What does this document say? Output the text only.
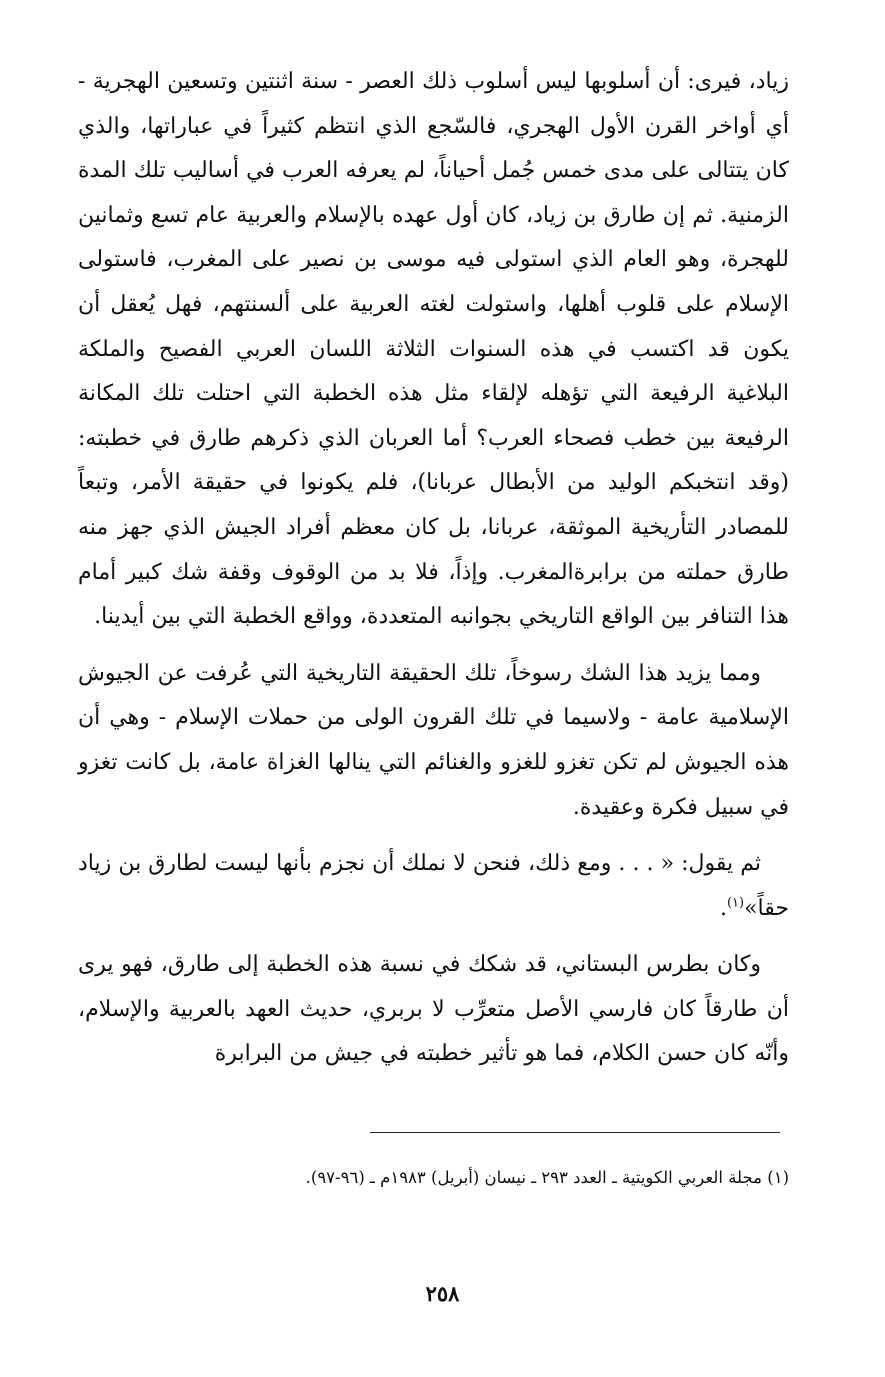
زياد، فيرى: أن أسلوبها ليس أسلوب ذلك العصر - سنة اثنتين وتسعين الهجرية - أي أواخر القرن الأول الهجري، فالسّجع الذي انتظم كثيراً في عباراتها، والذي كان يتتالى على مدى خمس جُمل أحياناً، لم يعرفه العرب في أساليب تلك المدة الزمنية. ثم إن طارق بن زياد، كان أول عهده بالإسلام والعربية عام تسع وثمانين للهجرة، وهو العام الذي استولى فيه موسى بن نصير على المغرب، فاستولى الإسلام على قلوب أهلها، واستولت لغته العربية على ألسنتهم، فهل يُعقل أن يكون قد اكتسب في هذه السنوات الثلاثة اللسان العربي الفصيح والملكة البلاغية الرفيعة التي تؤهله لإلقاء مثل هذه الخطبة التي احتلت تلك المكانة الرفيعة بين خطب فصحاء العرب؟ أما العربان الذي ذكرهم طارق في خطبته: (وقد انتخبكم الوليد من الأبطال عربانا)، فلم يكونوا في حقيقة الأمر، وتبعاً للمصادر التأريخية الموثقة، عربانا، بل كان معظم أفراد الجيش الذي جهز منه طارق حملته من برابرةالمغرب. وإذاً، فلا بد من الوقوف وقفة شك كبير أمام هذا التنافر بين الواقع التاريخي بجوانبه المتعددة، وواقع الخطبة التي بين أيدينا.

ومما يزيد هذا الشك رسوخاً، تلك الحقيقة التاريخية التي عُرفت عن الجيوش الإسلامية عامة - ولاسيما في تلك القرون الولى من حملات الإسلام - وهي أن هذه الجيوش لم تكن تغزو للغزو والغنائم التي ينالها الغزاة عامة، بل كانت تغزو في سبيل فكرة وعقيدة.

ثم يقول: « . . . ومع ذلك، فنحن لا نملك أن نجزم بأنها ليست لطارق بن زياد حقاً»$^{(١)}$.

وكان بطرس البستاني، قد شكك في نسبة هذه الخطبة إلى طارق، فهو يرى أن طارقاً كان فارسي الأصل متعرِّب لا بربري، حديث العهد بالعربية والإسلام، وأنّه كان حسن الكلام، فما هو تأثير خطبته في جيش من البرابرة

(١) مجلة العربي الكويتية ـ العدد ٢٩٣ ـ نيسان (أبريل) ١٩٨٣م ـ (٩٦-٩٧).
٢٥٨
